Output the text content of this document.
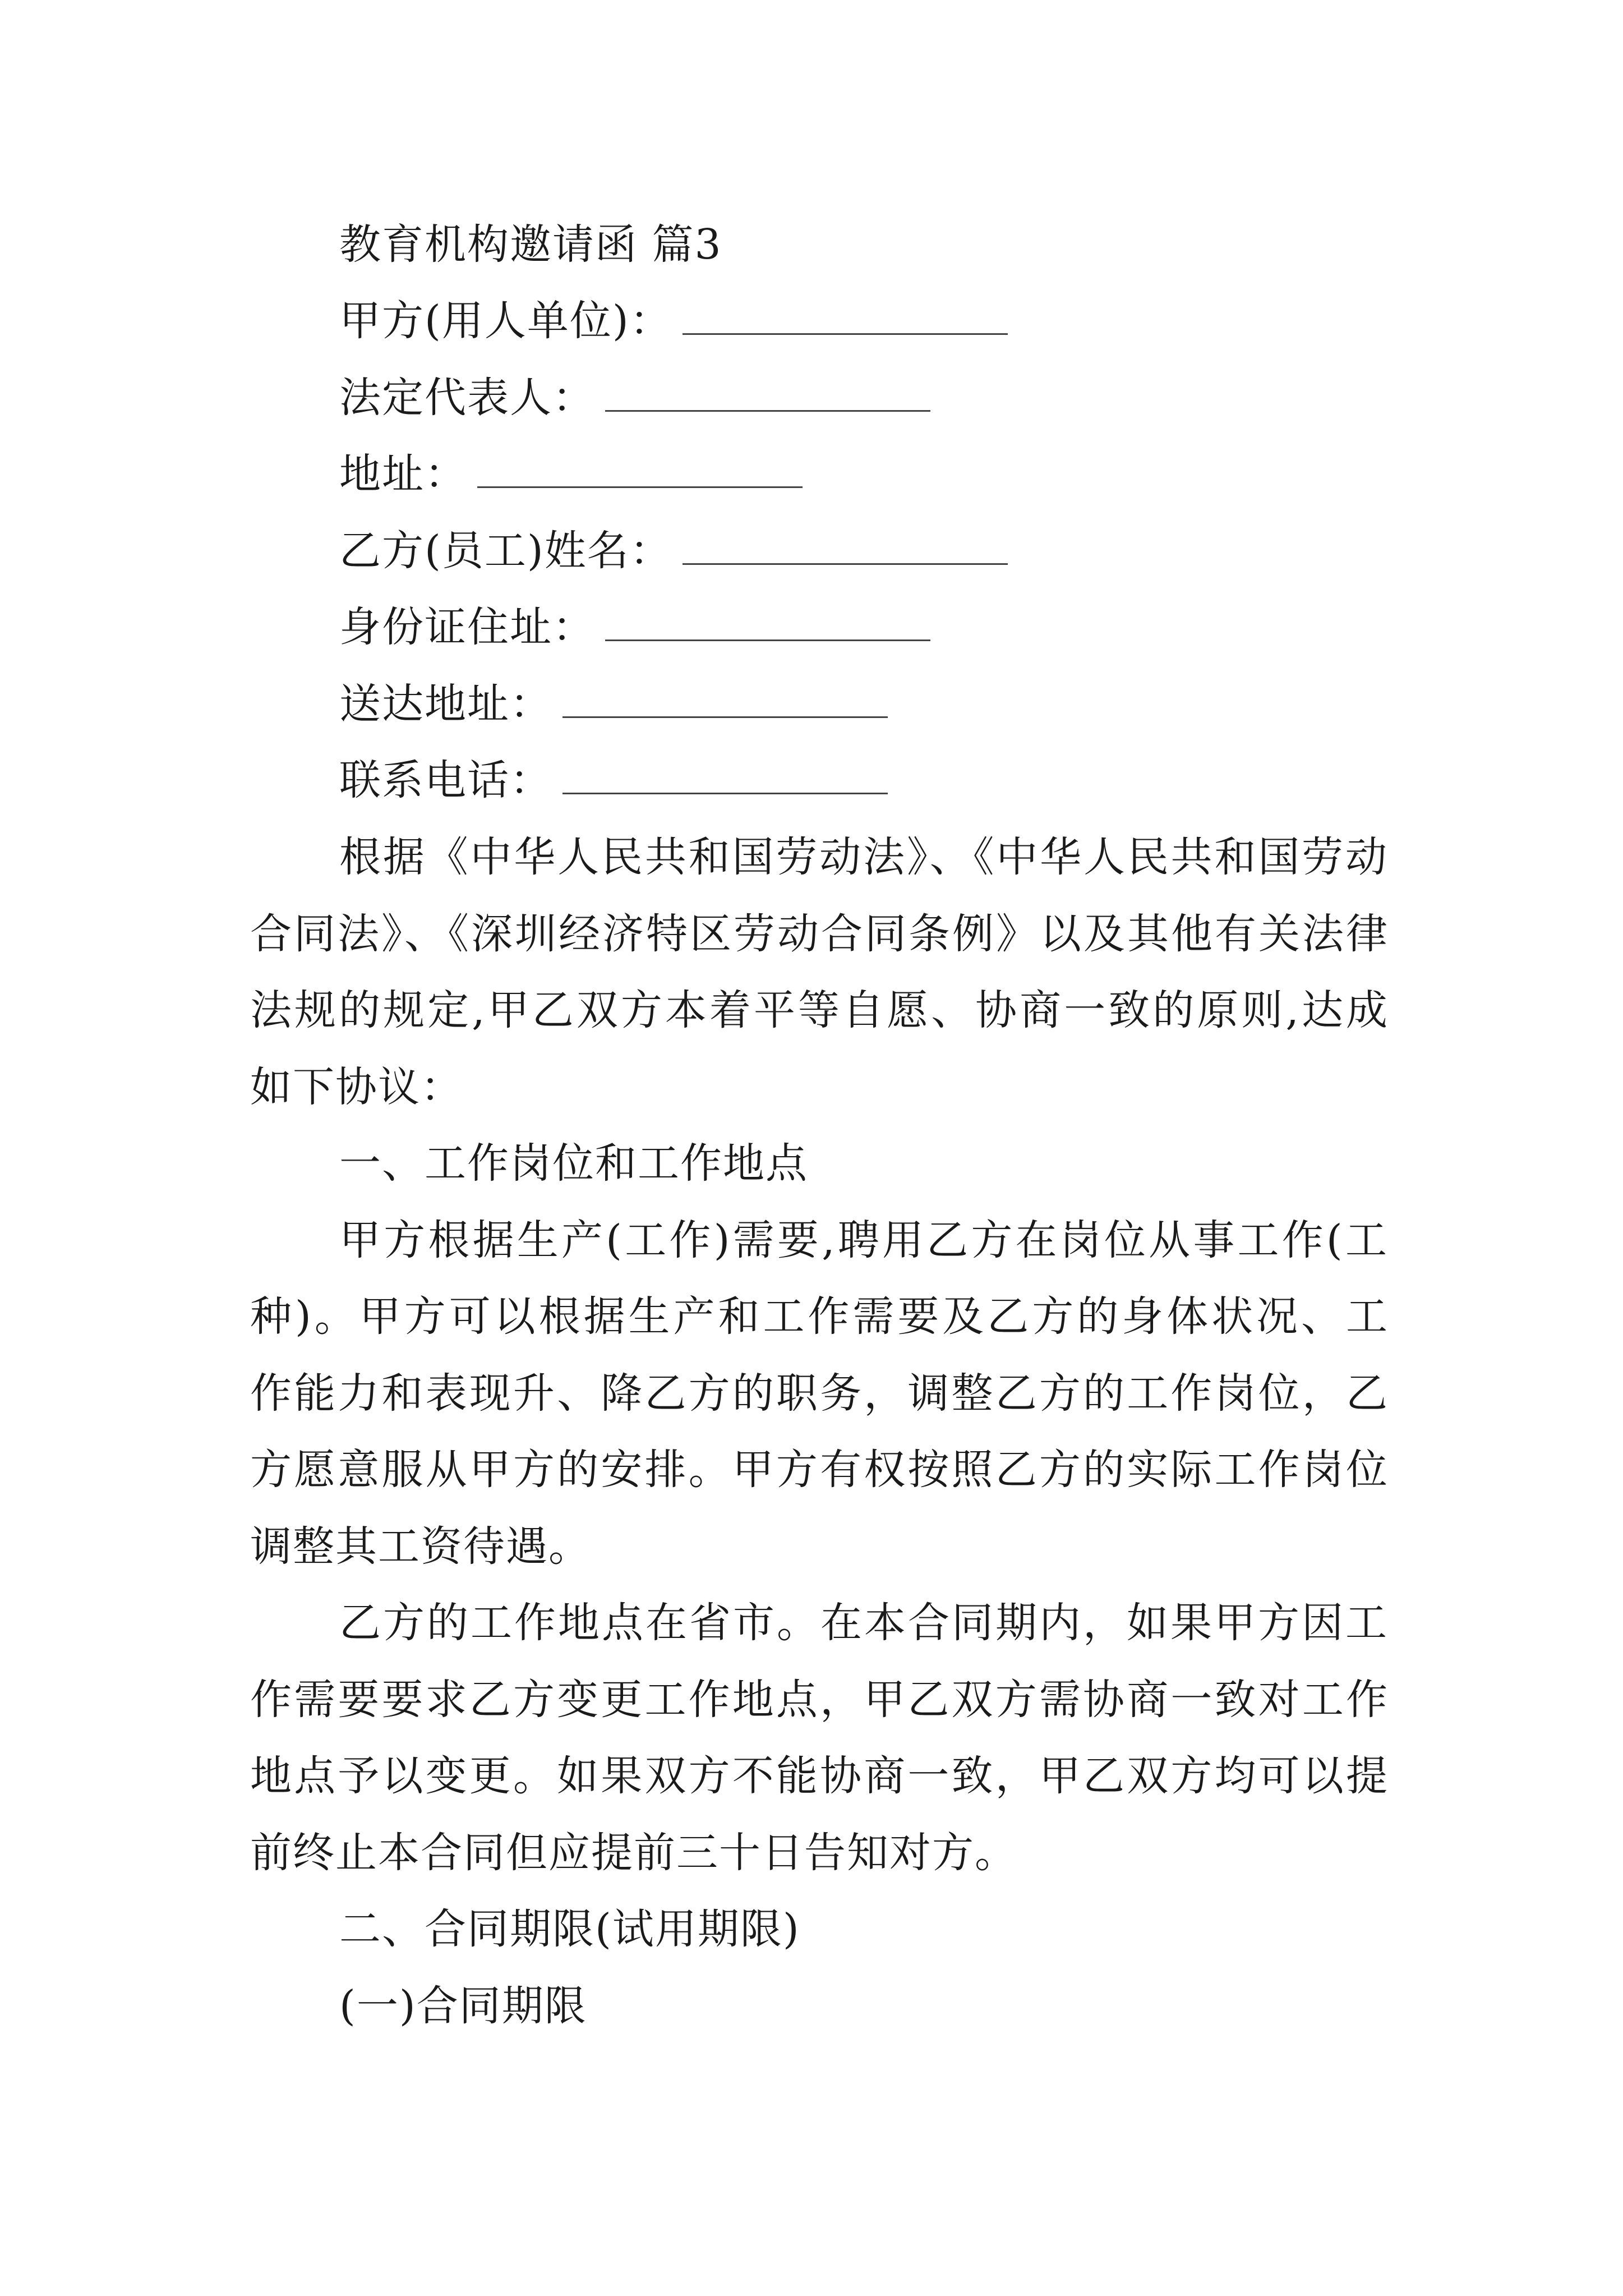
教育机构邀请函 篇3
甲方(用人单位)：
法定代表人：
地址：
乙方(员工)姓名：
身份证住址：
送达地址：
联系电话：
根据《中华人民共和国劳动法》、《中华人民共和国劳动
合同法》、《深圳经济特区劳动合同条例》以及其他有关法律
法规的规定,甲乙双方本着平等自愿、协商一致的原则,达成
如下协议：
一、工作岗位和工作地点
甲方根据生产(工作)需要,聘用乙方在岗位从事工作(工
种)。甲方可以根据生产和工作需要及乙方的身体状况、工
作能力和表现升、降乙方的职务，调整乙方的工作岗位，乙
方愿意服从甲方的安排。甲方有权按照乙方的实际工作岗位
调整其工资待遇。
乙方的工作地点在省市。在本合同期内，如果甲方因工
作需要要求乙方变更工作地点，甲乙双方需协商一致对工作
地点予以变更。如果双方不能协商一致，甲乙双方均可以提
前终止本合同但应提前三十日告知对方。
二、合同期限(试用期限)
(一)合同期限
